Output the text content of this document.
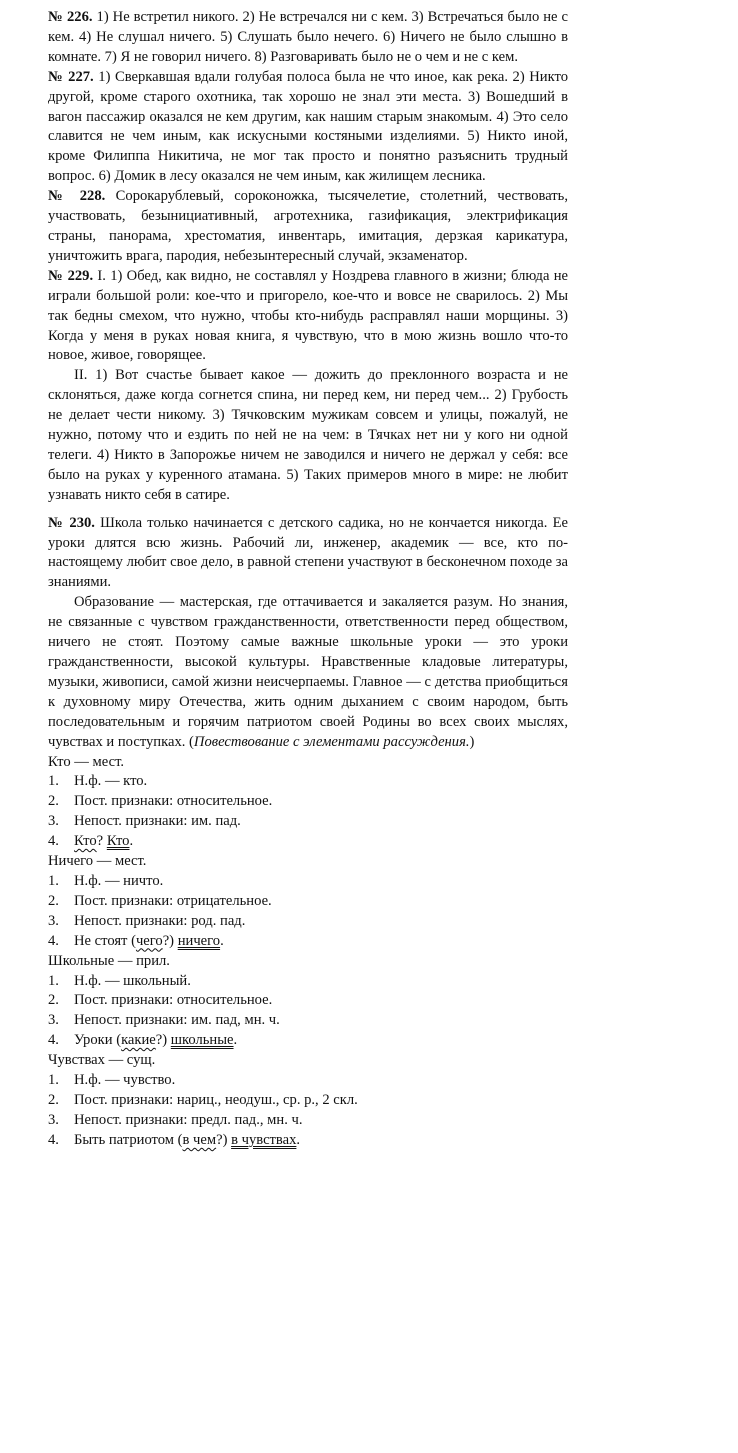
№ 226. 1) Не встретил никого. 2) Не встречался ни с кем. 3) Встречаться было не с кем. 4) Не слушал ничего. 5) Слушать было нечего. 6) Ничего не было слышно в комнате. 7) Я не говорил ничего. 8) Разговаривать было не о чем и не с кем.

№ 227. 1) Сверкавшая вдали голубая полоса была не что иное, как река. 2) Никто другой, кроме старого охотника, так хорошо не знал эти места. 3) Вошедший в вагон пассажир оказался не кем другим, как нашим старым знакомым. 4) Это село славится не чем иным, как искусными костяными изделиями. 5) Никто иной, кроме Филиппа Никитича, не мог так просто и понятно разъяснить трудный вопрос. 6) Домик в лесу оказался не чем иным, как жилищем лесника.

№ 228. Сорокарублевый, сороконожка, тысячелетие, столетний, чествовать, участвовать, безынициативный, агротехника, газификация, электрификация страны, панорама, хрестоматия, инвентарь, имитация, дерзкая карикатура, уничтожить врага, пародия, небезынтересный случай, экзаменатор.

№ 229. I. 1) Обед, как видно, не составлял у Ноздрева главного в жизни; блюда не играли большой роли: кое-что и пригорело, кое-что и вовсе не сварилось. 2) Мы так бедны смехом, что нужно, чтобы кто-нибудь расправлял наши морщины. 3) Когда у меня в руках новая книга, я чувствую, что в мою жизнь вошло что-то новое, живое, говорящее.

II. 1) Вот счастье бывает какое — дожить до преклонного возраста и не склоняться, даже когда согнется спина, ни перед кем, ни перед чем... 2) Грубость не делает чести никому. 3) Тячковским мужикам совсем и улицы, пожалуй, не нужно, потому что и ездить по ней не на чем: в Тячках нет ни у кого ни одной телеги. 4) Никто в Запорожье ничем не заводился и ничего не держал у себя: все было на руках у куренного атамана. 5) Таких примеров много в мире: не любит узнавать никто себя в сатире.

№ 230. Школа только начинается с детского садика, но не кончается никогда. Ее уроки длятся всю жизнь. Рабочий ли, инженер, академик — все, кто по-настоящему любит свое дело, в равной степени участвуют в бесконечном походе за знаниями.

Образование — мастерская, где оттачивается и закаляется разум. Но знания, не связанные с чувством гражданственности, ответственности перед обществом, ничего не стоят. Поэтому самые важные школьные уроки — это уроки гражданственности, высокой культуры. Нравственные кладовые литературы, музыки, живописи, самой жизни неисчерпаемы. Главное — с детства приобщиться к духовному миру Отечества, жить одним дыханием с своим народом, быть последовательным и горячим патриотом своей Родины во всех своих мыслях, чувствах и поступках. (Повествование с элементами рассуждения.)

Кто — мест.

1.	Н.ф. — кто.
2.	Пост. признаки: относительное.
3.	Непост. признаки: им. пад.
4.	Кто? Кто.

Ничего — мест.

1.	Н.ф. — ничто.
2.	Пост. признаки: отрицательное.
3.	Непост. признаки: род. пад.
4.	Не стоят (чего?) ничего.

Школьные — прил.

1.	Н.ф. — школьный.
2.	Пост. признаки: относительное.
3.	Непост. признаки: им. пад, мн. ч.
4.	Уроки (какие?) школьные.

Чувствах — сущ.

1.	Н.ф. — чувство.
2.	Пост. признаки: нариц., неодуш., ср. р., 2 скл.
3.	Непост. признаки: предл. пад., мн. ч.
4.	Быть патриотом (в чем?) в чувствах.
